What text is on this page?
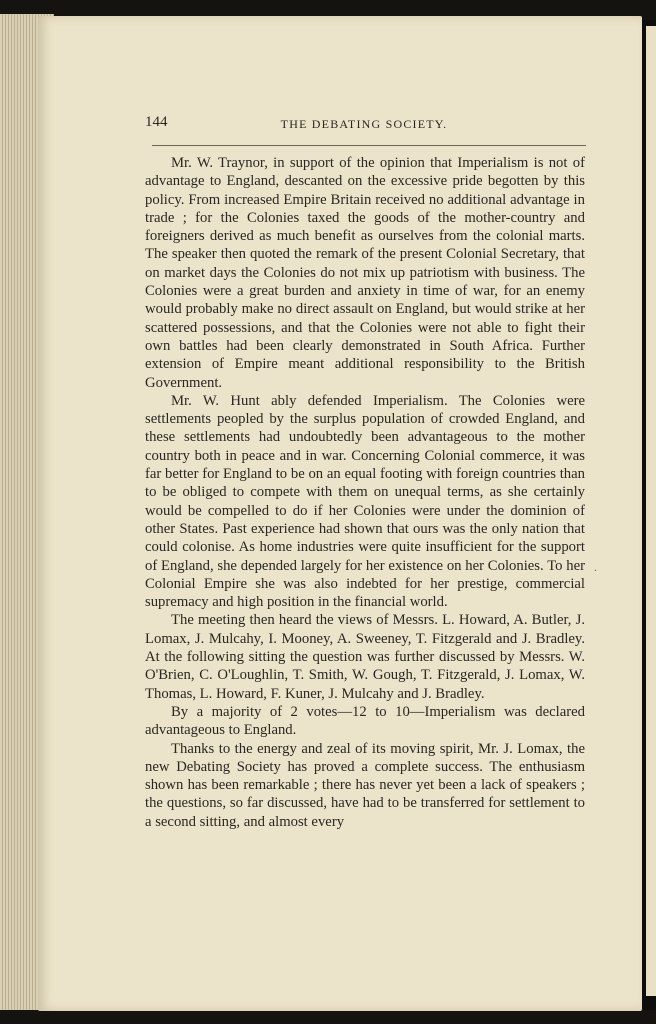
144	THE DEBATING SOCIETY.

Mr. W. Traynor, in support of the opinion that Imperialism is not of advantage to England, descanted on the excessive pride begotten by this policy. From increased Empire Britain received no additional advantage in trade ; for the Colonies taxed the goods of the mother-country and foreigners derived as much benefit as ourselves from the colonial marts. The speaker then quoted the remark of the present Colonial Secretary, that on market days the Colonies do not mix up patriotism with business. The Colonies were a great burden and anxiety in time of war, for an enemy would probably make no direct assault on England, but would strike at her scattered possessions, and that the Colonies were not able to fight their own battles had been clearly demonstrated in South Africa. Further extension of Empire meant additional responsibility to the British Government.

Mr. W. Hunt ably defended Imperialism. The Colonies were settlements peopled by the surplus population of crowded England, and these settlements had undoubtedly been advantageous to the mother country both in peace and in war. Concerning Colonial commerce, it was far better for England to be on an equal footing with foreign countries than to be obliged to compete with them on unequal terms, as she certainly would be compelled to do if her Colonies were under the dominion of other States. Past experience had shown that ours was the only nation that could colonise. As home industries were quite insufficient for the support of England, she depended largely for her existence on her Colonies. To her Colonial Empire she was also indebted for her prestige, commercial supremacy and high position in the financial world.

The meeting then heard the views of Messrs. L. Howard, A. Butler, J. Lomax, J. Mulcahy, I. Mooney, A. Sweeney, T. Fitzgerald and J. Bradley. At the following sitting the question was further discussed by Messrs. W. O'Brien, C. O'Loughlin, T. Smith, W. Gough, T. Fitzgerald, J. Lomax, W. Thomas, L. Howard, F. Kuner, J. Mulcahy and J. Bradley.

By a majority of 2 votes—12 to 10—Imperialism was declared advantageous to England.

Thanks to the energy and zeal of its moving spirit, Mr. J. Lomax, the new Debating Society has proved a complete success. The enthusiasm shown has been remarkable ; there has never yet been a lack of speakers ; the questions, so far discussed, have had to be transferred for settlement to a second sitting, and almost every

.
